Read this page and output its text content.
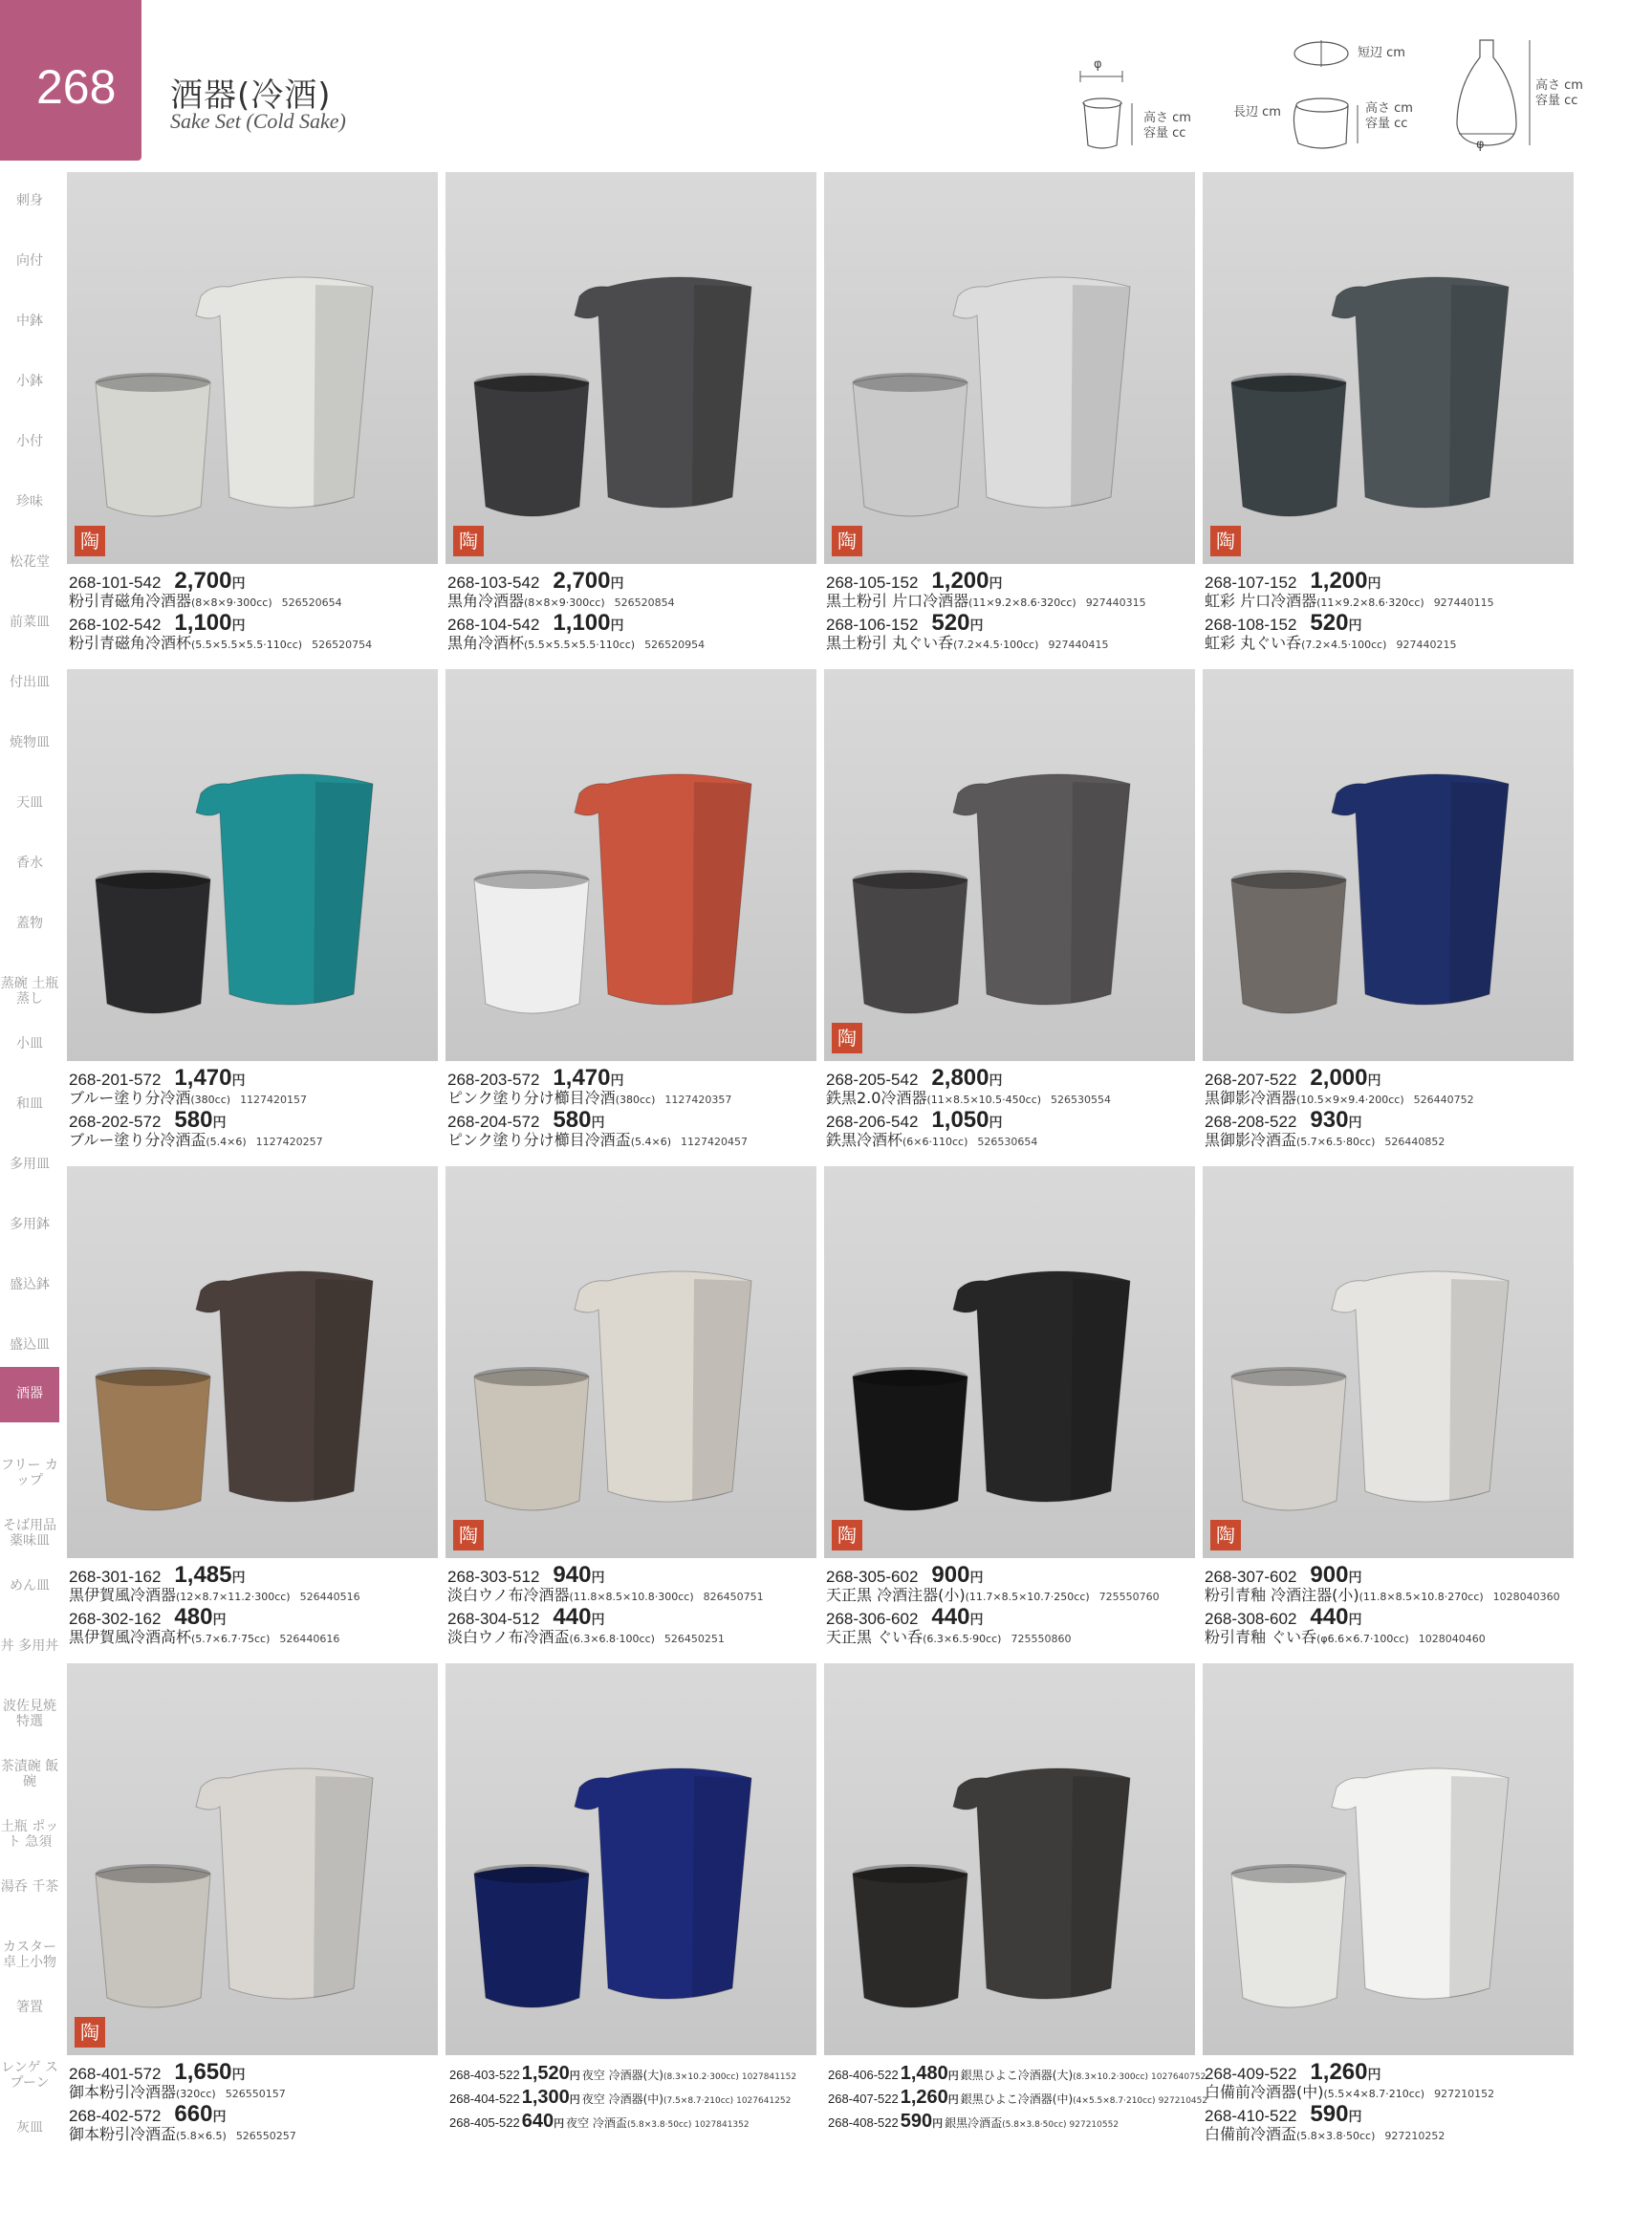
268 酒器(冷酒)
Sake Set (Cold Sake)
φ
高さ cm
容量 cc
短辺 cm
長辺 cm	高さ cm
容量 cc
高さ cm
容量 cc
φ
刺身
向付
中鉢
小鉢
小付
珍味
松花堂
前菜皿
付出皿
焼物皿
天皿
香水
蓋物
蒸碗 土瓶蒸し
小皿
和皿
多用皿
多用鉢
盛込鉢
盛込皿
酒器
フリー カップ
そば用品 薬味皿
めん皿
丼 多用丼
波佐見焼 特選
茶漬碗 飯碗
土瓶 ポット 急須
湯呑 千茶
カスター 卓上小物
箸置
レンゲ スプーン
灰皿
陶
268-101-542 2,700円
粉引青磁角冷酒器(8×8×9·300cc) 526520654
268-102-542 1,100円
粉引青磁角冷酒杯(5.5×5.5×5.5·110cc) 526520754
陶
268-103-542 2,700円
黒角冷酒器(8×8×9·300cc) 526520854
268-104-542 1,100円
黒角冷酒杯(5.5×5.5×5.5·110cc) 526520954
陶
268-105-152 1,200円
黒土粉引 片口冷酒器(11×9.2×8.6·320cc) 927440315
268-106-152 520円
黒土粉引 丸ぐい呑(7.2×4.5·100cc) 927440415
陶
268-107-152 1,200円
虹彩 片口冷酒器(11×9.2×8.6·320cc) 927440115
268-108-152 520円
虹彩 丸ぐい呑(7.2×4.5·100cc) 927440215
268-201-572 1,470円
ブルー塗り分冷酒(380cc) 1127420157
268-202-572 580円
ブルー塗り分冷酒盃(5.4×6) 1127420257
268-203-572 1,470円
ピンク塗り分け櫛目冷酒(380cc) 1127420357
268-204-572 580円
ピンク塗り分け櫛目冷酒盃(5.4×6) 1127420457
陶
268-205-542 2,800円
鉄黒2.0冷酒器(11×8.5×10.5·450cc) 526530554
268-206-542 1,050円
鉄黒冷酒杯(6×6·110cc) 526530654
268-207-522 2,000円
黒御影冷酒器(10.5×9×9.4·200cc) 526440752
268-208-522 930円
黒御影冷酒盃(5.7×6.5·80cc) 526440852
268-301-162 1,485円
黒伊賀風冷酒器(12×8.7×11.2·300cc) 526440516
268-302-162 480円
黒伊賀風冷酒高杯(5.7×6.7·75cc) 526440616
陶
268-303-512 940円
淡白ウノ布冷酒器(11.8×8.5×10.8·300cc) 826450751
268-304-512 440円
淡白ウノ布冷酒盃(6.3×6.8·100cc) 526450251
陶
268-305-602 900円
天正黒 冷酒注器(小)(11.7×8.5×10.7·250cc) 725550760
268-306-602 440円
天正黒 ぐい呑(6.3×6.5·90cc) 725550860
陶
268-307-602 900円
粉引青釉 冷酒注器(小)(11.8×8.5×10.8·270cc) 1028040360
268-308-602 440円
粉引青釉 ぐい呑(φ6.6×6.7·100cc) 1028040460
陶
268-401-572 1,650円
御本粉引冷酒器(320cc) 526550157
268-402-572 660円
御本粉引冷酒盃(5.8×6.5) 526550257
268-403-522 1,520円 夜空 冷酒器(大)(8.3×10.2·300cc) 1027841152
268-404-522 1,300円 夜空 冷酒器(中)(7.5×8.7·210cc) 1027641252
268-405-522 640円 夜空 冷酒盃(5.8×3.8·50cc) 1027841352
268-406-522 1,480円 銀黒ひよこ冷酒器(大)(8.3×10.2·300cc) 1027640752
268-407-522 1,260円 銀黒ひよこ冷酒器(中)(4×5.5×8.7·210cc) 927210452
268-408-522 590円 銀黒冷酒盃(5.8×3.8·50cc) 927210552
268-409-522 1,260円
白備前冷酒器(中)(5.5×4×8.7·210cc) 927210152
268-410-522 590円
白備前冷酒盃(5.8×3.8·50cc) 927210252
